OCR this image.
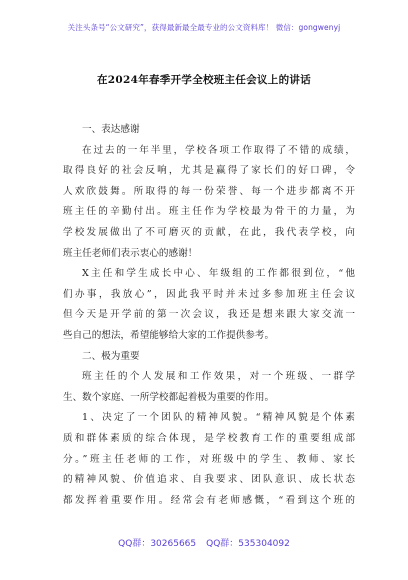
关注头条号“公文研究”，获得最新最全最专业的公文资料库！ 微信：gongwenyj
在2024年春季开学全校班主任会议上的讲话
一、表达感谢
在过去的一年半里，学校各项工作取得了不错的成绩，
取得良好的社会反响，尤其是赢得了家长们的好口碑，令
人欢欣鼓舞。所取得的每一份荣誉、每一个进步都离不开
班主任的辛勤付出。班主任作为学校最为骨干的力量，为
学校发展做出了不可磨灭的贡献，在此，我代表学校，向
班主任老师们表示衷心的感谢！
X主任和学生成长中心、年级组的工作都很到位，“他
们办事，我放心”，因此我平时并未过多参加班主任会议
但今天是开学前的第一次会议，我还是想来跟大家交流一
些自己的想法，希望能够给大家的工作提供参考。
二、极为重要
班主任的个人发展和工作效果，对一个班级、一群学
生、数个家庭、一所学校都起着极为重要的作用。
1、决定了一个团队的精神风貌。“精神风貌是个体素
质和群体素质的综合体现，是学校教育工作的重要组成部
分。”班主任老师的工作，对班级中的学生、教师、家长
的精神风貌、价值追求、自我要求、团队意识、成长状态
都发挥着重要作用。经常会有老师感慨，“看到这个班的
QQ群：30265665 QQ群：535304092
